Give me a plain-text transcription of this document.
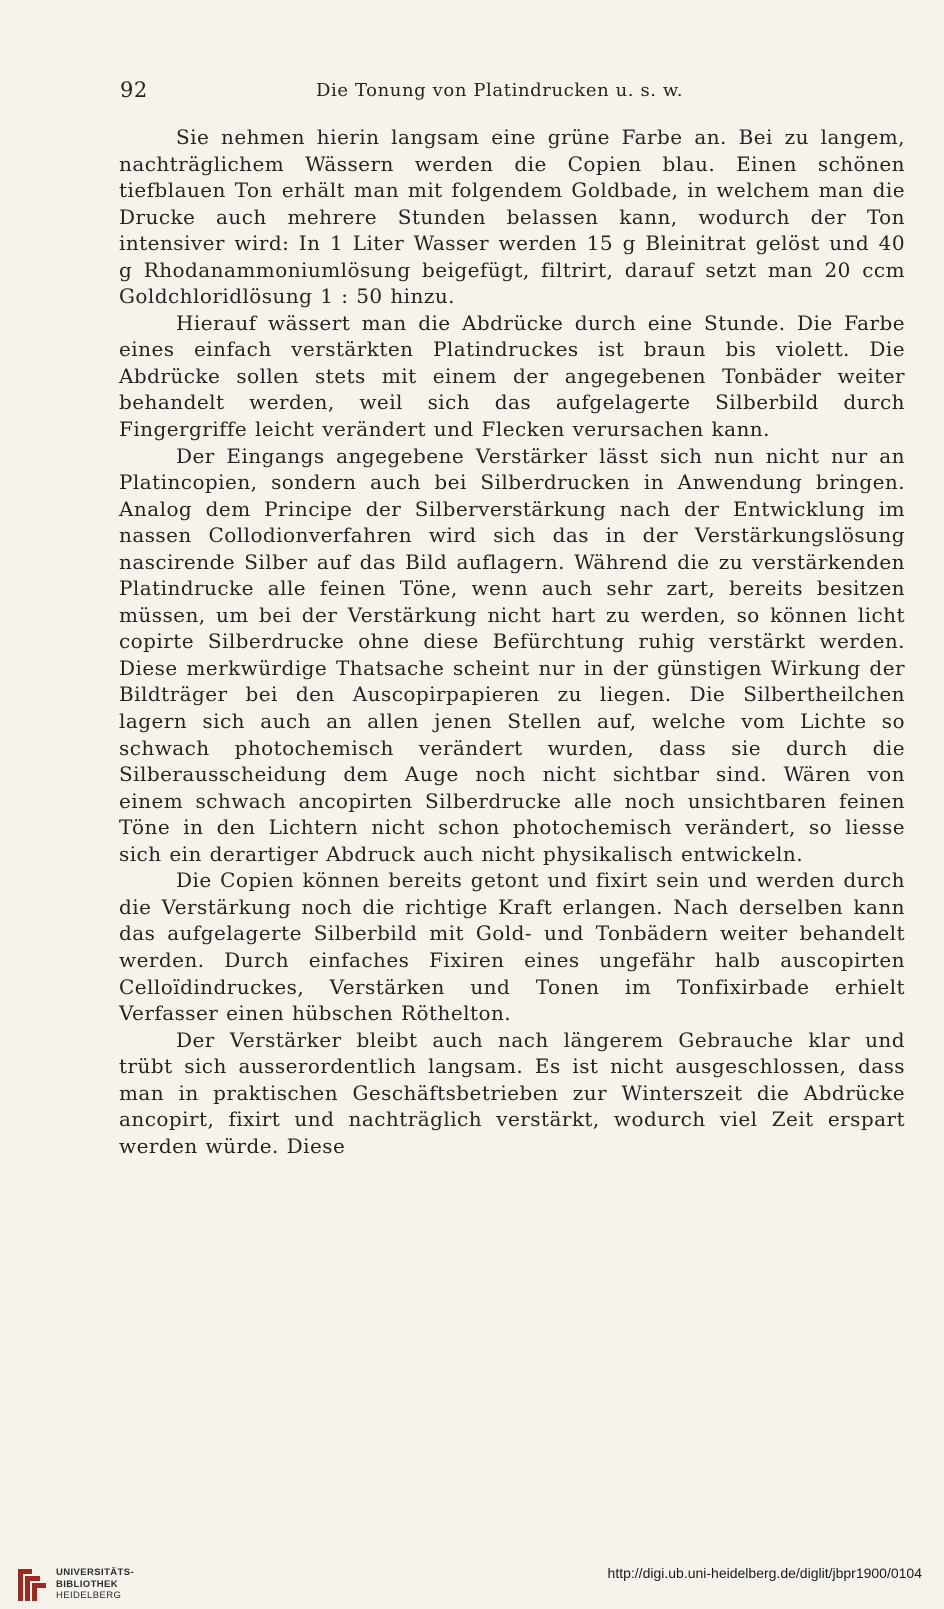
92	Die Tonung von Platindrucken u. s. w.

Sie nehmen hierin langsam eine grüne Farbe an. Bei zu langem, nachträglichem Wässern werden die Copien blau. Einen schönen tiefblauen Ton erhält man mit folgendem Goldbade, in welchem man die Drucke auch mehrere Stunden belassen kann, wodurch der Ton intensiver wird: In 1 Liter Wasser werden 15 g Bleinitrat gelöst und 40 g Rhodanammoniumlösung beigefügt, filtrirt, darauf setzt man 20 ccm Goldchloridlösung 1 : 50 hinzu.

Hierauf wässert man die Abdrücke durch eine Stunde. Die Farbe eines einfach verstärkten Platindruckes ist braun bis violett. Die Abdrücke sollen stets mit einem der angegebenen Tonbäder weiter behandelt werden, weil sich das aufgelagerte Silberbild durch Fingergriffe leicht verändert und Flecken verursachen kann.

Der Eingangs angegebene Verstärker lässt sich nun nicht nur an Platincopien, sondern auch bei Silberdrucken in Anwendung bringen. Analog dem Principe der Silberverstärkung nach der Entwicklung im nassen Collodionverfahren wird sich das in der Verstärkungslösung nascirende Silber auf das Bild auflagern. Während die zu verstärkenden Platindrucke alle feinen Töne, wenn auch sehr zart, bereits besitzen müssen, um bei der Verstärkung nicht hart zu werden, so können licht copirte Silberdrucke ohne diese Befürchtung ruhig verstärkt werden. Diese merkwürdige Thatsache scheint nur in der günstigen Wirkung der Bildträger bei den Auscopirpapieren zu liegen. Die Silbertheilchen lagern sich auch an allen jenen Stellen auf, welche vom Lichte so schwach photochemisch verändert wurden, dass sie durch die Silberausscheidung dem Auge noch nicht sichtbar sind. Wären von einem schwach ancopirten Silberdrucke alle noch unsichtbaren feinen Töne in den Lichtern nicht schon photochemisch verändert, so liesse sich ein derartiger Abdruck auch nicht physikalisch entwickeln.

Die Copien können bereits getont und fixirt sein und werden durch die Verstärkung noch die richtige Kraft erlangen. Nach derselben kann das aufgelagerte Silberbild mit Gold- und Tonbädern weiter behandelt werden. Durch einfaches Fixiren eines ungefähr halb auscopirten Celloïdindruckes, Verstärken und Tonen im Tonfixirbade erhielt Verfasser einen hübschen Röthelton.

Der Verstärker bleibt auch nach längerem Gebrauche klar und trübt sich ausserordentlich langsam. Es ist nicht ausgeschlossen, dass man in praktischen Geschäftsbetrieben zur Winterszeit die Abdrücke ancopirt, fixirt und nachträglich verstärkt, wodurch viel Zeit erspart werden würde. Diese

UNIVERSITÄTS-
BIBLIOTHEK
HEIDELBERG
http://digi.ub.uni-heidelberg.de/diglit/jbpr1900/0104
